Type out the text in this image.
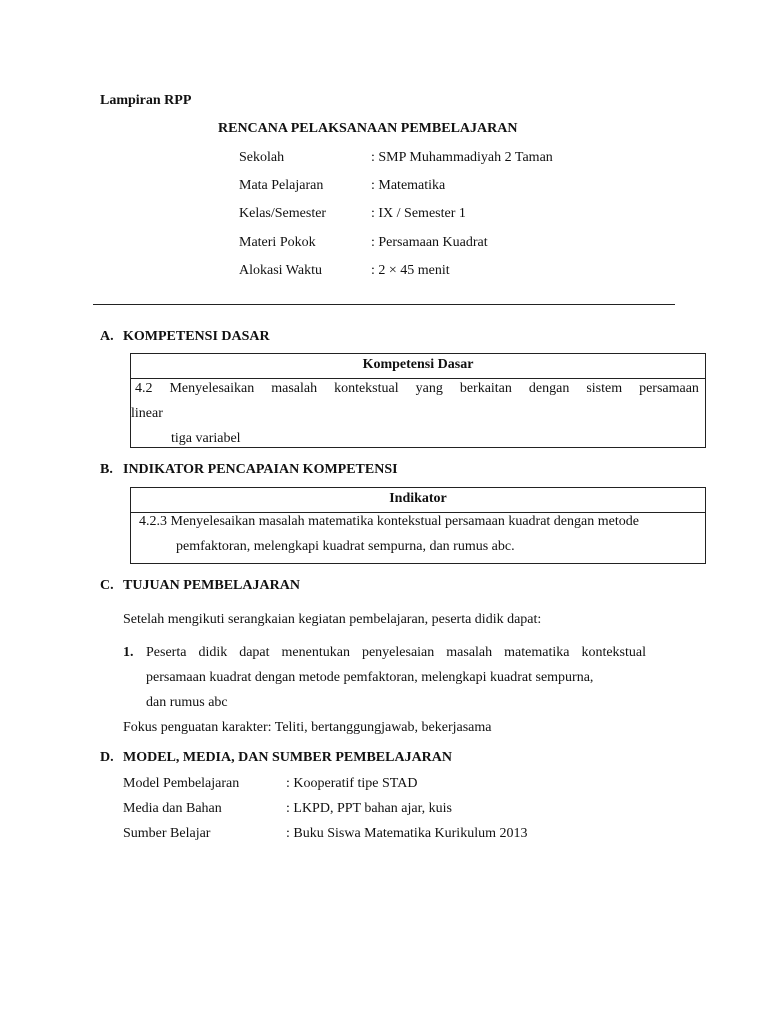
Lampiran RPP
RENCANA PELAKSANAAN PEMBELAJARAN
Sekolah	: SMP Muhammadiyah 2 Taman
Mata Pelajaran	: Matematika
Kelas/Semester	: IX / Semester 1
Materi Pokok	: Persamaan Kuadrat
Alokasi Waktu	: 2 × 45 menit
A. KOMPETENSI DASAR
Kompetensi Dasar
4.2 Menyelesaikan masalah kontekstual yang berkaitan dengan sistem persamaan
linear
tiga variabel
B. INDIKATOR PENCAPAIAN KOMPETENSI
Indikator
4.2.3 Menyelesaikan masalah matematika kontekstual persamaan kuadrat dengan metode
pemfaktoran, melengkapi kuadrat sempurna, dan rumus abc.
C. TUJUAN PEMBELAJARAN
Setelah mengikuti serangkaian kegiatan pembelajaran, peserta didik dapat:
1. Peserta didik dapat menentukan penyelesaian masalah matematika kontekstual
persamaan kuadrat dengan metode pemfaktoran, melengkapi kuadrat sempurna,
dan rumus abc
Fokus penguatan karakter: Teliti, bertanggungjawab, bekerjasama
D. MODEL, MEDIA, DAN SUMBER PEMBELAJARAN
Model Pembelajaran	: Kooperatif tipe STAD
Media dan Bahan	: LKPD, PPT bahan ajar, kuis
Sumber Belajar	: Buku Siswa Matematika Kurikulum 2013
